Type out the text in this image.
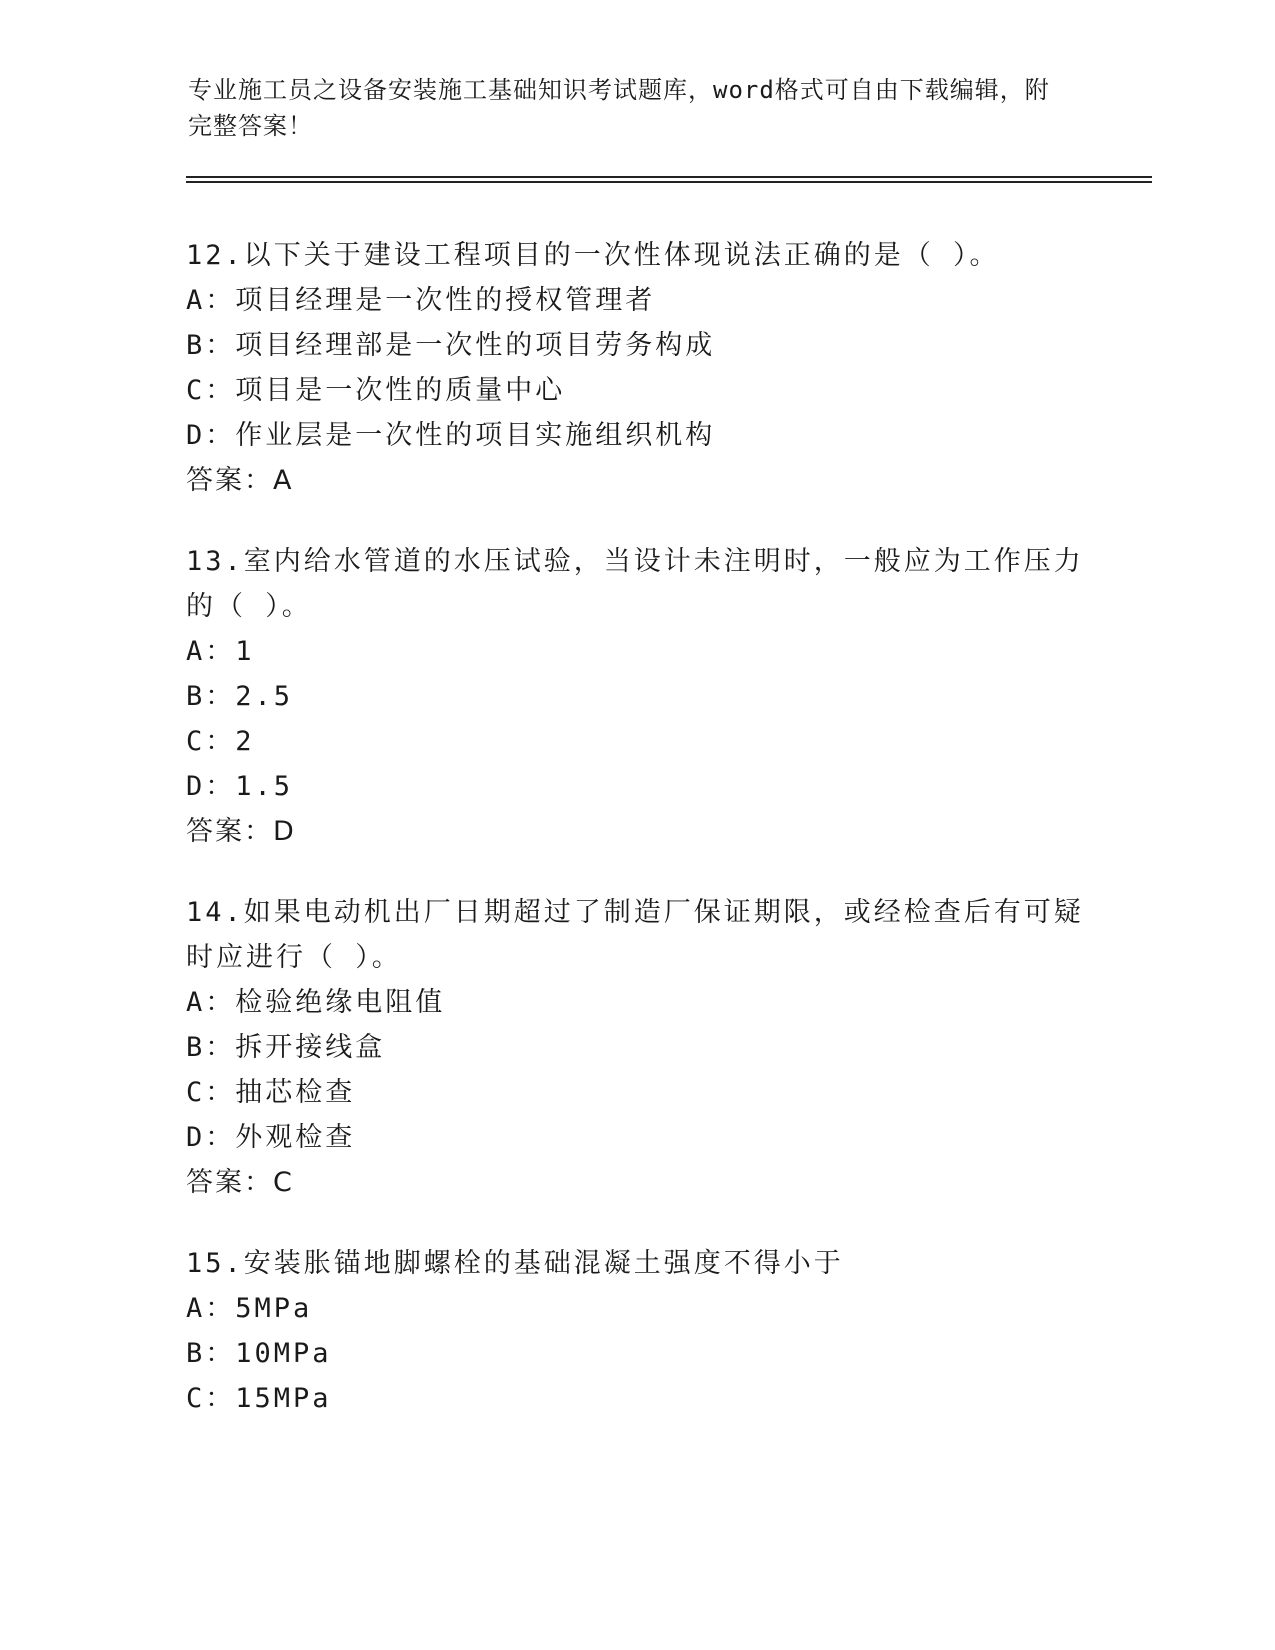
专业施工员之设备安装施工基础知识考试题库，word格式可自由下载编辑，附完整答案！
12.以下关于建设工程项目的一次性体现说法正确的是（ ）。
A：项目经理是一次性的授权管理者
B：项目经理部是一次性的项目劳务构成
C：项目是一次性的质量中心
D：作业层是一次性的项目实施组织机构
答案：A
13.室内给水管道的水压试验，当设计未注明时，一般应为工作压力的（ ）。
A：1
B：2.5
C：2
D：1.5
答案：D
14.如果电动机出厂日期超过了制造厂保证期限，或经检查后有可疑时应进行（ ）。
A：检验绝缘电阻值
B：拆开接线盒
C：抽芯检查
D：外观检查
答案：C
15.安装胀锚地脚螺栓的基础混凝土强度不得小于
A：5MPa
B：10MPa
C：15MPa
